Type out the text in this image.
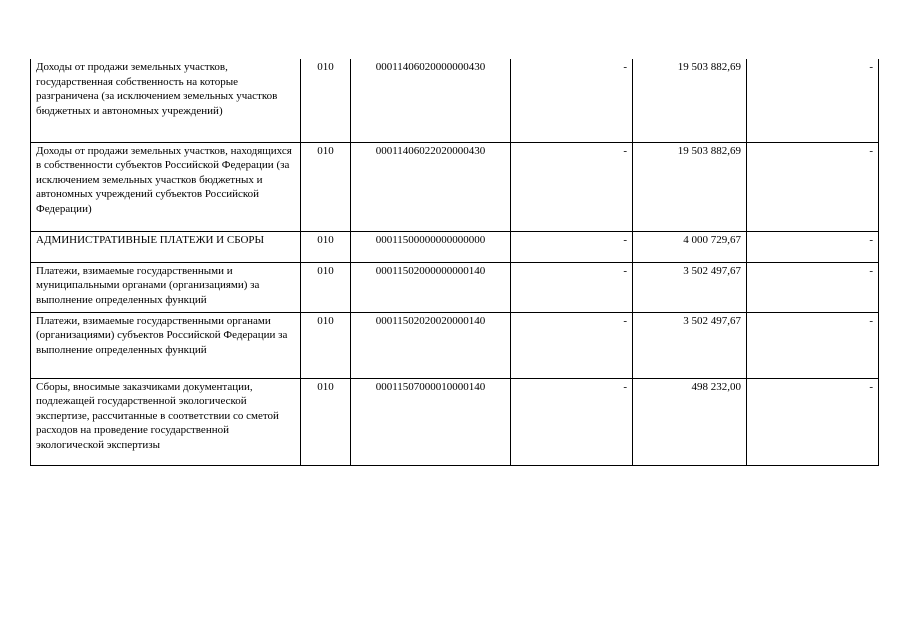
Доходы от продажи земельных участков, государственная собственность на которые разграничена (за исключением земельных участков бюджетных и автономных учреждений)	010	00011406020000000430	-	19 503 882,69	-
Доходы от продажи земельных участков, находящихся в собственности субъектов Российской Федерации (за исключением земельных участков бюджетных и автономных учреждений субъектов Российской Федерации)	010	00011406022020000430	-	19 503 882,69	-
АДМИНИСТРАТИВНЫЕ ПЛАТЕЖИ И СБОРЫ	010	00011500000000000000	-	4 000 729,67	-
Платежи, взимаемые государственными и муниципальными органами (организациями) за выполнение определенных функций	010	00011502000000000140	-	3 502 497,67	-
Платежи, взимаемые государственными органами (организациями) субъектов Российской Федерации за выполнение определенных функций	010	00011502020020000140	-	3 502 497,67	-
Сборы, вносимые заказчиками документации, подлежащей государственной экологической экспертизе, рассчитанные в соответствии со сметой расходов на проведение государственной экологической экспертизы	010	00011507000010000140	-	498 232,00	-
